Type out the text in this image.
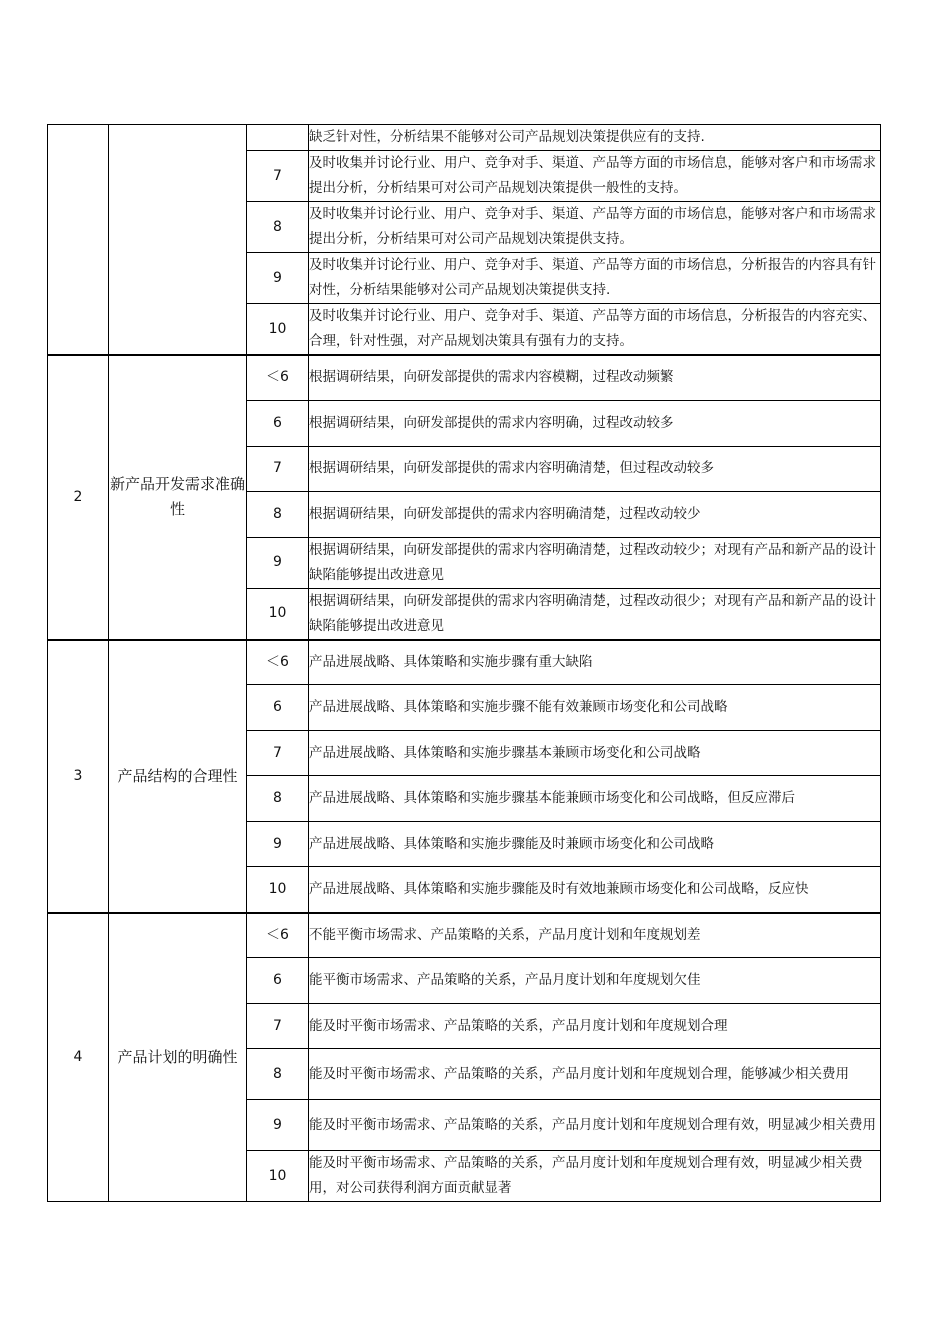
			缺乏针对性，分析结果不能够对公司产品规划决策提供应有的支持.
		7	及时收集并讨论行业、用户、竞争对手、渠道、产品等方面的市场信息，能够对客户和市场需求提出分析，分析结果可对公司产品规划决策提供一般性的支持。
		8	及时收集并讨论行业、用户、竞争对手、渠道、产品等方面的市场信息，能够对客户和市场需求提出分析，分析结果可对公司产品规划决策提供支持。
		9	及时收集并讨论行业、用户、竞争对手、渠道、产品等方面的市场信息，分析报告的内容具有针对性，分析结果能够对公司产品规划决策提供支持.
		10	及时收集并讨论行业、用户、竞争对手、渠道、产品等方面的市场信息，分析报告的内容充实、合理，针对性强，对产品规划决策具有强有力的支持。
2	新产品开发需求准确性	＜6	根据调研结果，向研发部提供的需求内容模糊，过程改动频繁
		6	根据调研结果，向研发部提供的需求内容明确，过程改动较多
		7	根据调研结果，向研发部提供的需求内容明确清楚，但过程改动较多
		8	根据调研结果，向研发部提供的需求内容明确清楚，过程改动较少
		9	根据调研结果，向研发部提供的需求内容明确清楚，过程改动较少；对现有产品和新产品的设计缺陷能够提出改进意见
		10	根据调研结果，向研发部提供的需求内容明确清楚，过程改动很少；对现有产品和新产品的设计缺陷能够提出改进意见
3	产品结构的合理性	＜6	产品进展战略、具体策略和实施步骤有重大缺陷
		6	产品进展战略、具体策略和实施步骤不能有效兼顾市场变化和公司战略
		7	产品进展战略、具体策略和实施步骤基本兼顾市场变化和公司战略
		8	产品进展战略、具体策略和实施步骤基本能兼顾市场变化和公司战略，但反应滞后
		9	产品进展战略、具体策略和实施步骤能及时兼顾市场变化和公司战略
		10	产品进展战略、具体策略和实施步骤能及时有效地兼顾市场变化和公司战略，反应快
4	产品计划的明确性	＜6	不能平衡市场需求、产品策略的关系，产品月度计划和年度规划差
		6	能平衡市场需求、产品策略的关系，产品月度计划和年度规划欠佳
		7	能及时平衡市场需求、产品策略的关系，产品月度计划和年度规划合理
		8	能及时平衡市场需求、产品策略的关系，产品月度计划和年度规划合理，能够减少相关费用
		9	能及时平衡市场需求、产品策略的关系，产品月度计划和年度规划合理有效，明显减少相关费用
		10	能及时平衡市场需求、产品策略的关系，产品月度计划和年度规划合理有效，明显减少相关费用，对公司获得利润方面贡献显著
